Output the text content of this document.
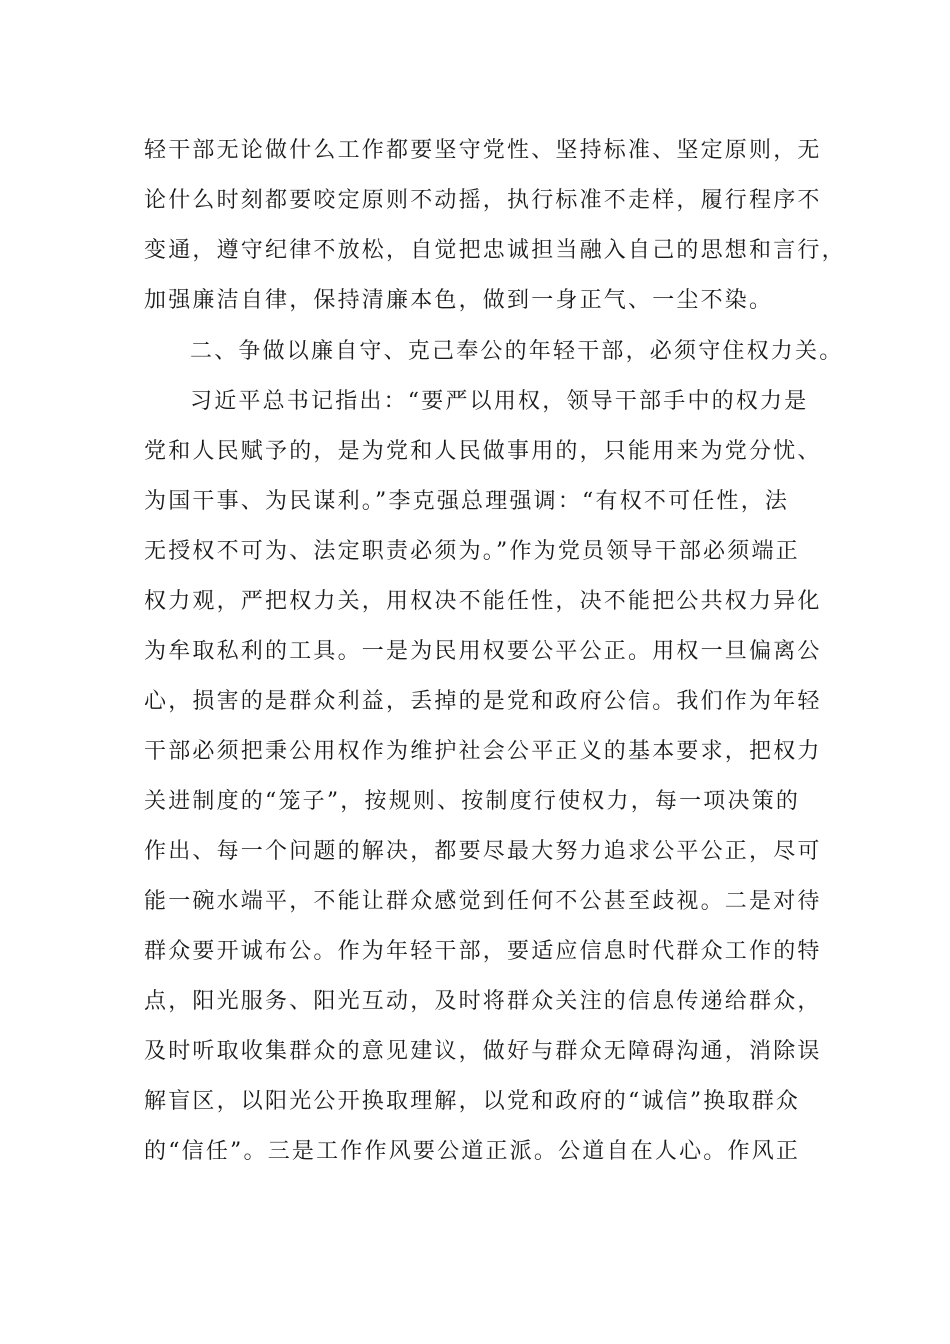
轻干部无论做什么工作都要坚守党性、坚持标准、坚定原则，无
论什么时刻都要咬定原则不动摇，执行标准不走样，履行程序不
变通，遵守纪律不放松，自觉把忠诚担当融入自己的思想和言行，
加强廉洁自律，保持清廉本色，做到一身正气、一尘不染。
二、争做以廉自守、克己奉公的年轻干部，必须守住权力关。
习近平总书记指出：“要严以用权，领导干部手中的权力是
党和人民赋予的，是为党和人民做事用的，只能用来为党分忧、
为国干事、为民谋利。”李克强总理强调：“有权不可任性，法
无授权不可为、法定职责必须为。”作为党员领导干部必须端正
权力观，严把权力关，用权决不能任性，决不能把公共权力异化
为牟取私利的工具。一是为民用权要公平公正。用权一旦偏离公
心，损害的是群众利益，丢掉的是党和政府公信。我们作为年轻
干部必须把秉公用权作为维护社会公平正义的基本要求，把权力
关进制度的“笼子”，按规则、按制度行使权力，每一项决策的
作出、每一个问题的解决，都要尽最大努力追求公平公正，尽可
能一碗水端平，不能让群众感觉到任何不公甚至歧视。二是对待
群众要开诚布公。作为年轻干部，要适应信息时代群众工作的特
点，阳光服务、阳光互动，及时将群众关注的信息传递给群众，
及时听取收集群众的意见建议，做好与群众无障碍沟通，消除误
解盲区，以阳光公开换取理解，以党和政府的“诚信”换取群众
的“信任”。三是工作作风要公道正派。公道自在人心。作风正
